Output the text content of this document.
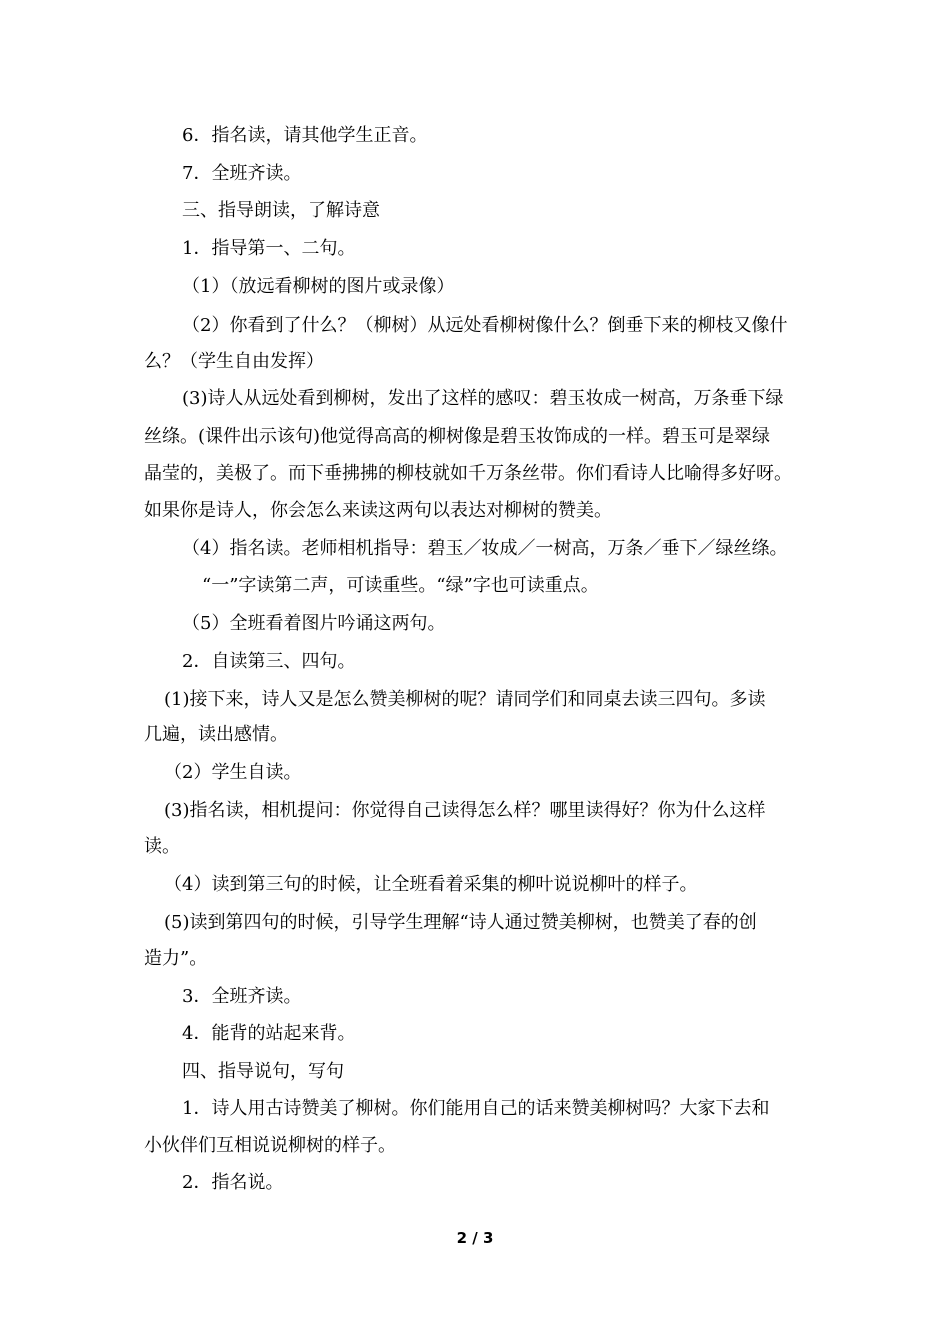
6．指名读，请其他学生正音。
7．全班齐读。
三、指导朗读，了解诗意
1．指导第一、二句。
（1）（放远看柳树的图片或录像）
（2）你看到了什么？（柳树）从远处看柳树像什么？倒垂下来的柳枝又像什
么？（学生自由发挥）
(3)诗人从远处看到柳树，发出了这样的感叹：碧玉妆成一树高，万条垂下绿
丝绦。(课件出示该句)他觉得高高的柳树像是碧玉妆饰成的一样。碧玉可是翠绿
晶莹的，美极了。而下垂拂拂的柳枝就如千万条丝带。你们看诗人比喻得多好呀。
如果你是诗人，你会怎么来读这两句以表达对柳树的赞美。
（4）指名读。老师相机指导：碧玉／妆成／一树高，万条／垂下／绿丝绦。
“一”字读第二声，可读重些。“绿”字也可读重点。
（5）全班看着图片吟诵这两句。
2．自读第三、四句。
(1)接下来，诗人又是怎么赞美柳树的呢？请同学们和同桌去读三四句。多读
几遍，读出感情。
（2）学生自读。
(3)指名读，相机提问：你觉得自己读得怎么样？哪里读得好？你为什么这样
读。
（4）读到第三句的时候，让全班看着采集的柳叶说说柳叶的样子。
(5)读到第四句的时候，引导学生理解“诗人通过赞美柳树，也赞美了春的创
造力”。
3．全班齐读。
4．能背的站起来背。
四、指导说句，写句
1．诗人用古诗赞美了柳树。你们能用自己的话来赞美柳树吗？大家下去和
小伙伴们互相说说柳树的样子。
2．指名说。
2 / 3
